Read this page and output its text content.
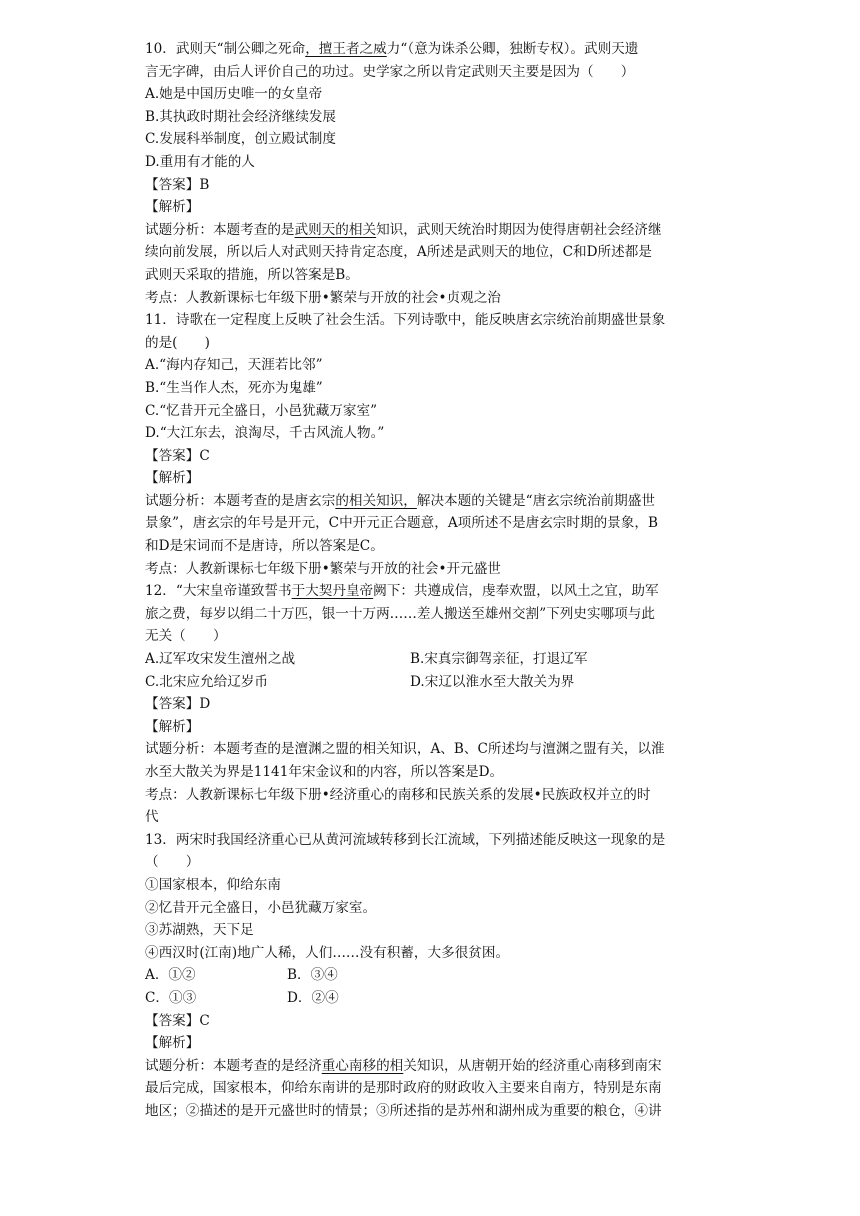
10．武则天“制公卿之死命，擅王者之威力“（意为诛杀公卿，独断专权）。武则天遗
言无字碑，由后人评价自己的功过。史学家之所以肯定武则天主要是因为（　　）
A.她是中国历史唯一的女皇帝
B.其执政时期社会经济继续发展
C.发展科举制度，创立殿试制度
D.重用有才能的人
【答案】B
【解析】
试题分析：本题考查的是武则天的相关知识，武则天统治时期因为使得唐朝社会经济继
续向前发展，所以后人对武则天持肯定态度，A所述是武则天的地位，C和D所述都是
武则天采取的措施，所以答案是B。
考点：人教新课标七年级下册•繁荣与开放的社会•贞观之治
11．诗歌在一定程度上反映了社会生活。下列诗歌中，能反映唐玄宗统治前期盛世景象
的是(　　)
A.“海内存知己，天涯若比邻”
B.“生当作人杰，死亦为鬼雄”
C.“忆昔开元全盛日，小邑犹藏万家室”
D.“大江东去，浪淘尽，千古风流人物。”
【答案】C
【解析】
试题分析：本题考查的是唐玄宗的相关知识，解决本题的关键是“唐玄宗统治前期盛世
景象”，唐玄宗的年号是开元，C中开元正合题意，A项所述不是唐玄宗时期的景象，B
和D是宋词而不是唐诗，所以答案是C。
考点：人教新课标七年级下册•繁荣与开放的社会•开元盛世
12．“大宋皇帝谨致誓书于大契丹皇帝阙下：共遵成信，虔奉欢盟，以风土之宜，助军
旅之费，每岁以绢二十万匹，银一十万两……差人搬送至雄州交割”下列史实哪项与此
无关（　　）
A.辽军攻宋发生澶州之战	B.宋真宗御驾亲征，打退辽军
C.北宋应允给辽岁币	D.宋辽以淮水至大散关为界
【答案】D
【解析】
试题分析：本题考查的是澶渊之盟的相关知识，A、B、C所述均与澶渊之盟有关，以淮
水至大散关为界是1141年宋金议和的内容，所以答案是D。
考点：人教新课标七年级下册•经济重心的南移和民族关系的发展•民族政权并立的时
代
13．两宋时我国经济重心已从黄河流域转移到长江流域，下列描述能反映这一现象的是
（　　）
①国家根本，仰给东南
②忆昔开元全盛日，小邑犹藏万家室。
③苏湖熟，天下足
④西汉时(江南)地广人稀，人们……没有积蓄，大多很贫困。
A．①②	B．③④
C．①③	D．②④
【答案】C
【解析】
试题分析：本题考查的是经济重心南移的相关知识，从唐朝开始的经济重心南移到南宋
最后完成，国家根本，仰给东南讲的是那时政府的财政收入主要来自南方，特别是东南
地区；②描述的是开元盛世时的情景；③所述指的是苏州和湖州成为重要的粮仓，④讲
